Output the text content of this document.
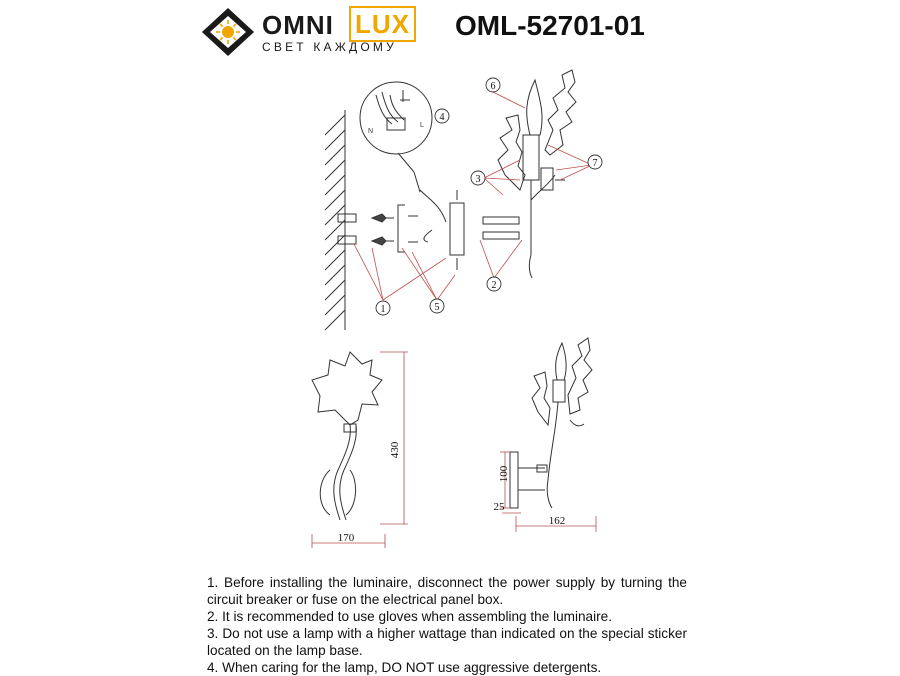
OMNI LUX
СВЕТ КАЖДОМУ
OML-52701-01
N
L
1
2
3
4
5
6
7
430
170
100
25
162

1. Before installing the luminaire, disconnect the power supply by turning the circuit breaker or fuse on the electrical panel box.

2. It is recommended to use gloves when assembling the luminaire.

3. Do not use a lamp with a higher wattage than indicated on the special sticker located on the lamp base.

4. When caring for the lamp, DO NOT use aggressive detergents.
